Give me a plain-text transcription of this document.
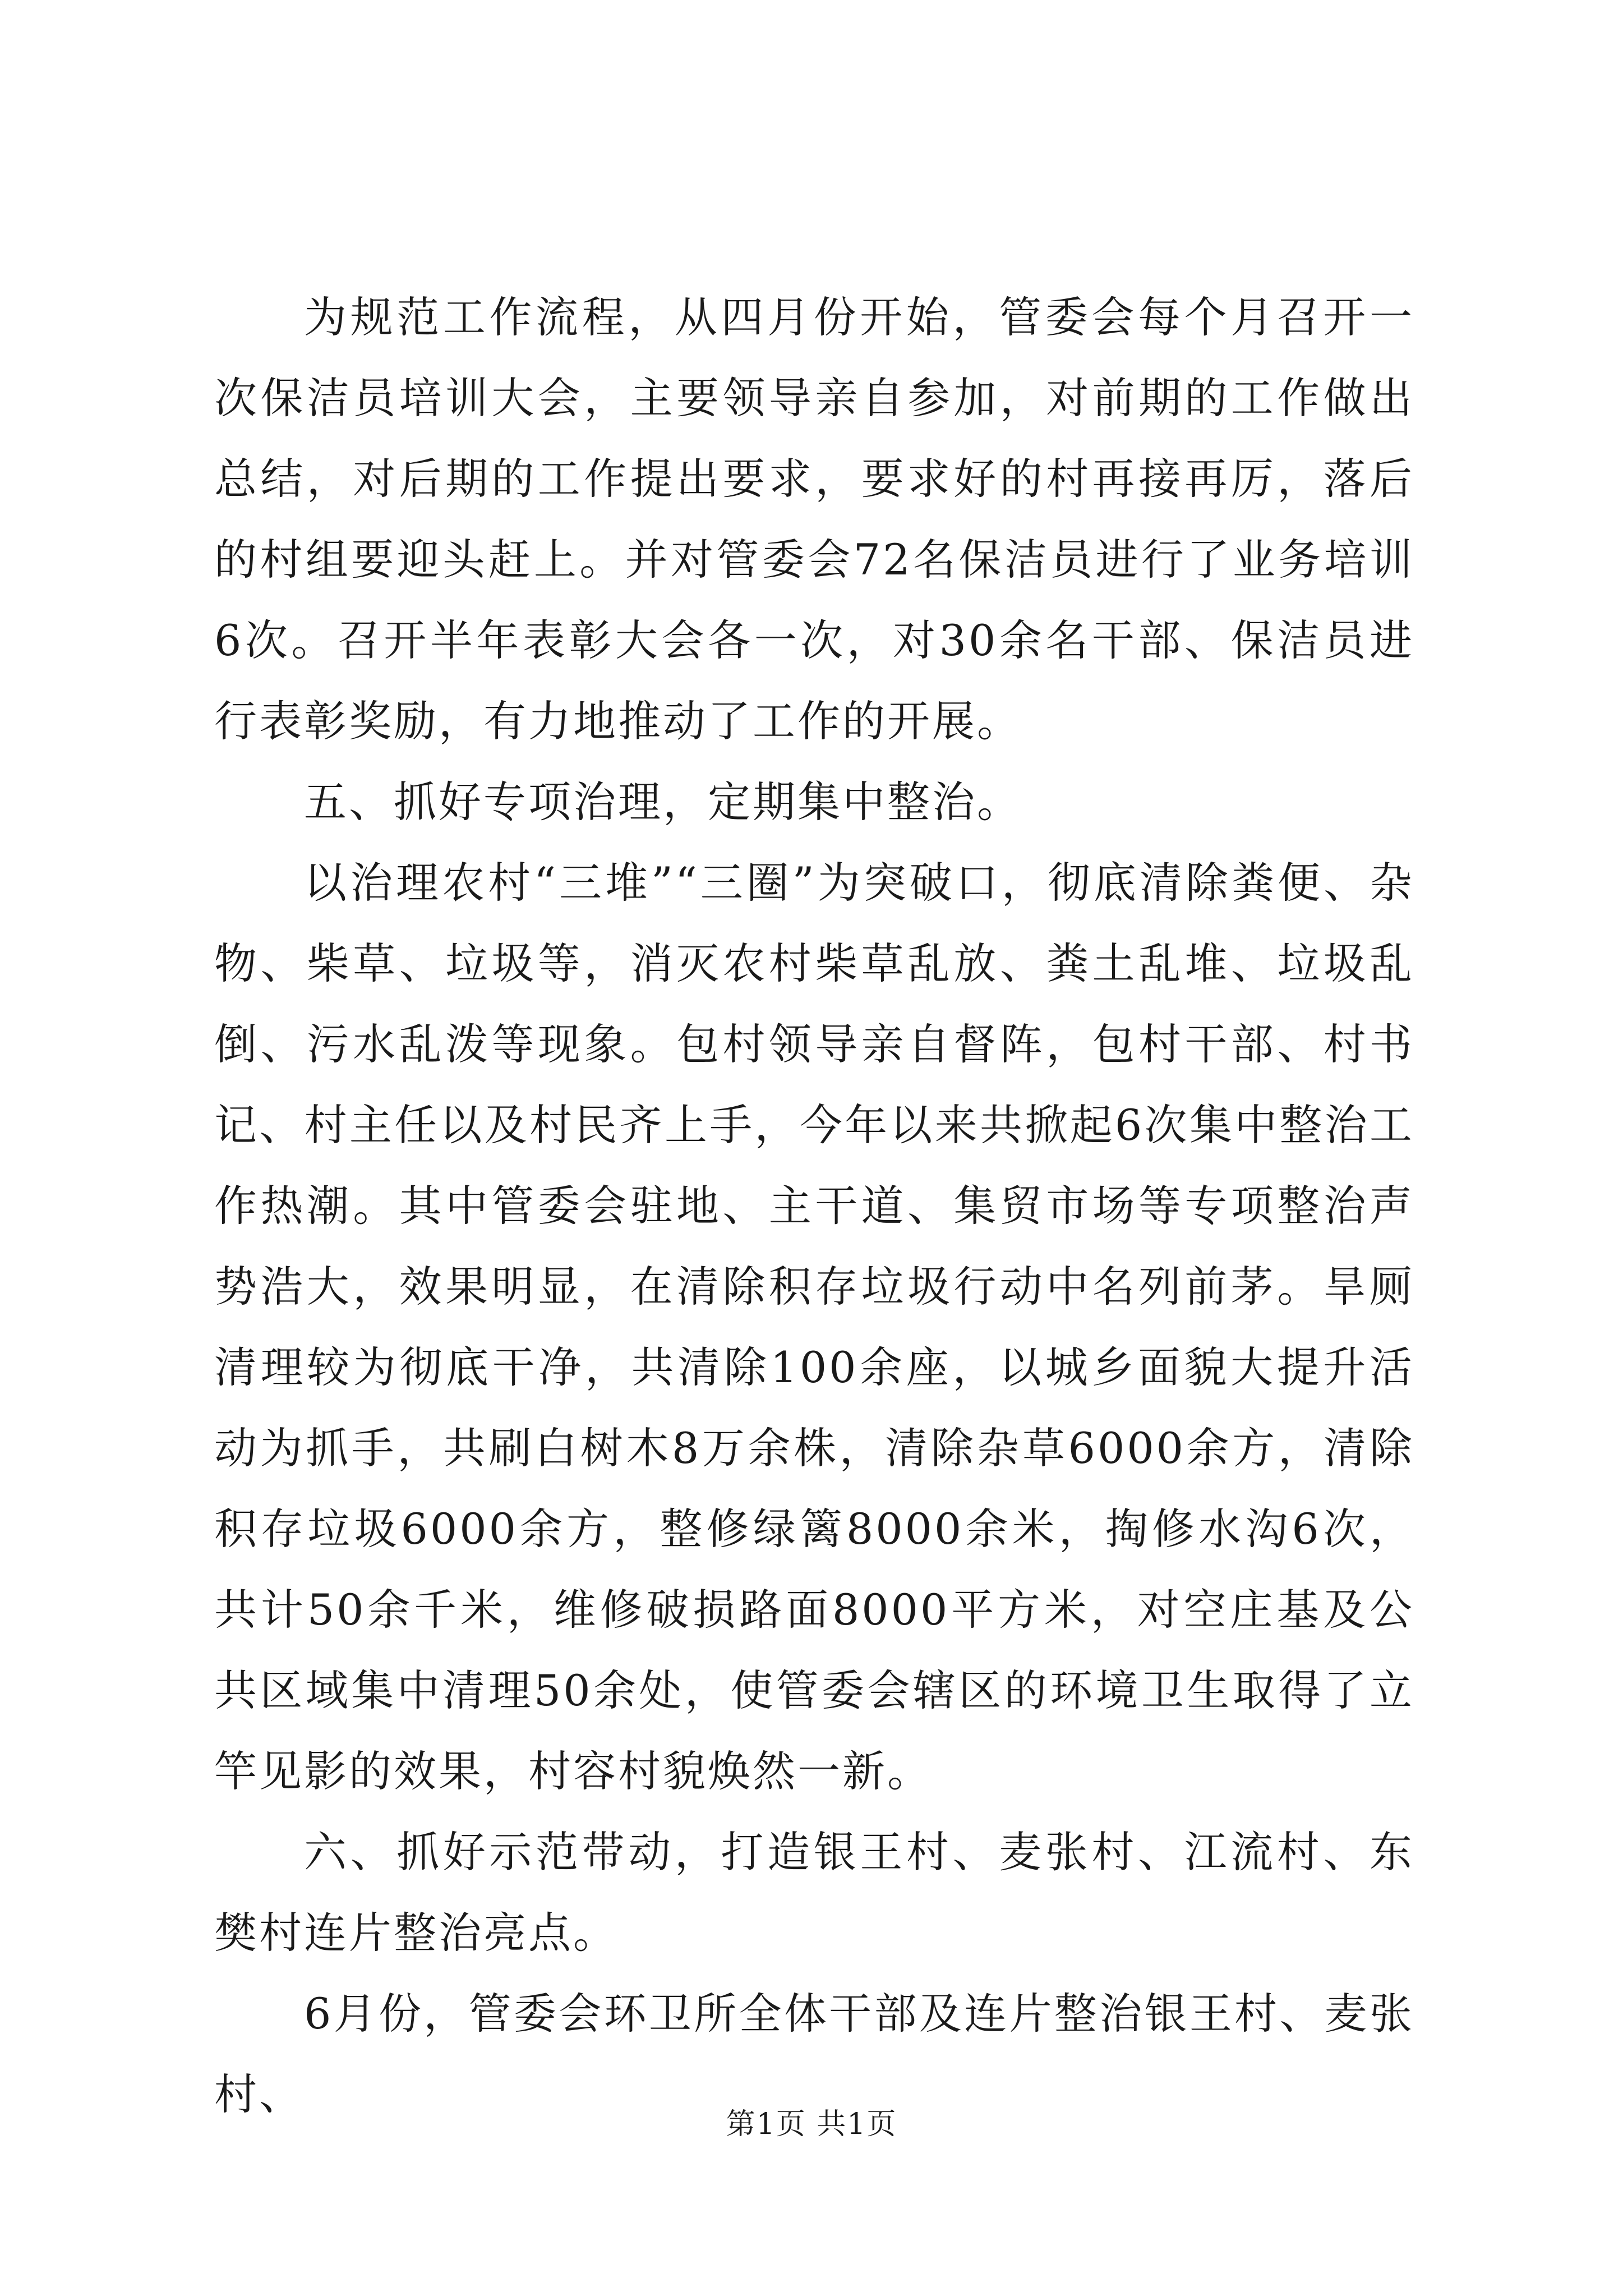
为规范工作流程，从四月份开始，管委会每个月召开一次保洁员培训大会，主要领导亲自参加，对前期的工作做出总结，对后期的工作提出要求，要求好的村再接再厉，落后的村组要迎头赶上。并对管委会72名保洁员进行了业务培训6次。召开半年表彰大会各一次，对30余名干部、保洁员进行表彰奖励，有力地推动了工作的开展。

五、抓好专项治理，定期集中整治。

以治理农村“三堆”“三圈”为突破口，彻底清除粪便、杂物、柴草、垃圾等，消灭农村柴草乱放、粪土乱堆、垃圾乱倒、污水乱泼等现象。包村领导亲自督阵，包村干部、村书记、村主任以及村民齐上手，今年以来共掀起6次集中整治工作热潮。其中管委会驻地、主干道、集贸市场等专项整治声势浩大，效果明显，在清除积存垃圾行动中名列前茅。旱厕清理较为彻底干净，共清除100余座，以城乡面貌大提升活动为抓手，共刷白树木8万余株，清除杂草6000余方，清除积存垃圾6000余方，整修绿篱8000余米，掏修水沟6次，共计50余千米，维修破损路面8000平方米，对空庄基及公共区域集中清理50余处，使管委会辖区的环境卫生取得了立竿见影的效果，村容村貌焕然一新。

六、抓好示范带动，打造银王村、麦张村、江流村、东樊村连片整治亮点。

6月份，管委会环卫所全体干部及连片整治银王村、麦张村、

第1页 共1页
